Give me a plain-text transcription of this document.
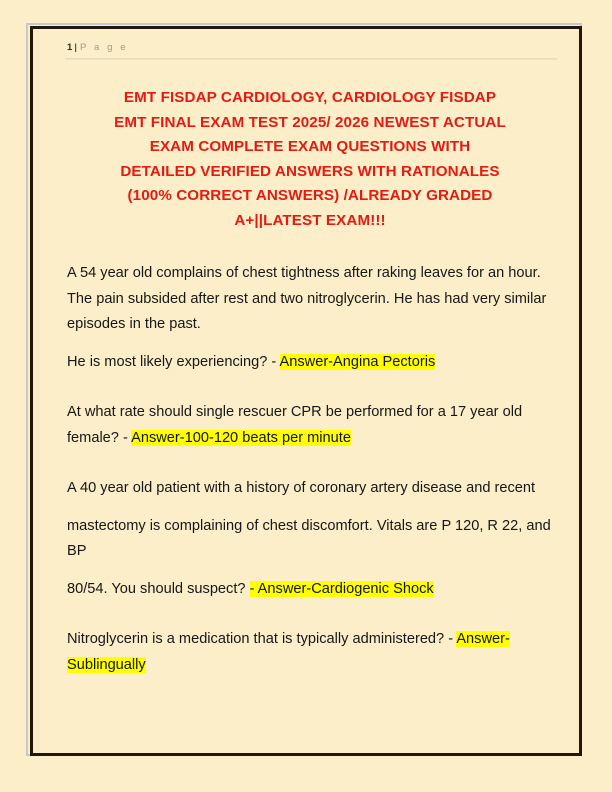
1 | P a g e
EMT FISDAP CARDIOLOGY, CARDIOLOGY FISDAP
EMT FINAL EXAM TEST 2025/ 2026 NEWEST ACTUAL
EXAM COMPLETE EXAM QUESTIONS WITH
DETAILED VERIFIED ANSWERS WITH RATIONALES
(100% CORRECT ANSWERS) /ALREADY GRADED
A+||LATEST EXAM!!!

A 54 year old complains of chest tightness after raking leaves for an hour. The pain subsided after rest and two nitroglycerin. He has had very similar episodes in the past.

He is most likely experiencing? - Answer-Angina Pectoris

At what rate should single rescuer CPR be performed for a 17 year old female? - Answer-100-120 beats per minute

A 40 year old patient with a history of coronary artery disease and recent

mastectomy is complaining of chest discomfort. Vitals are P 120, R 22, and BP

80/54. You should suspect? - Answer-Cardiogenic Shock

Nitroglycerin is a medication that is typically administered? - Answer-Sublingually
